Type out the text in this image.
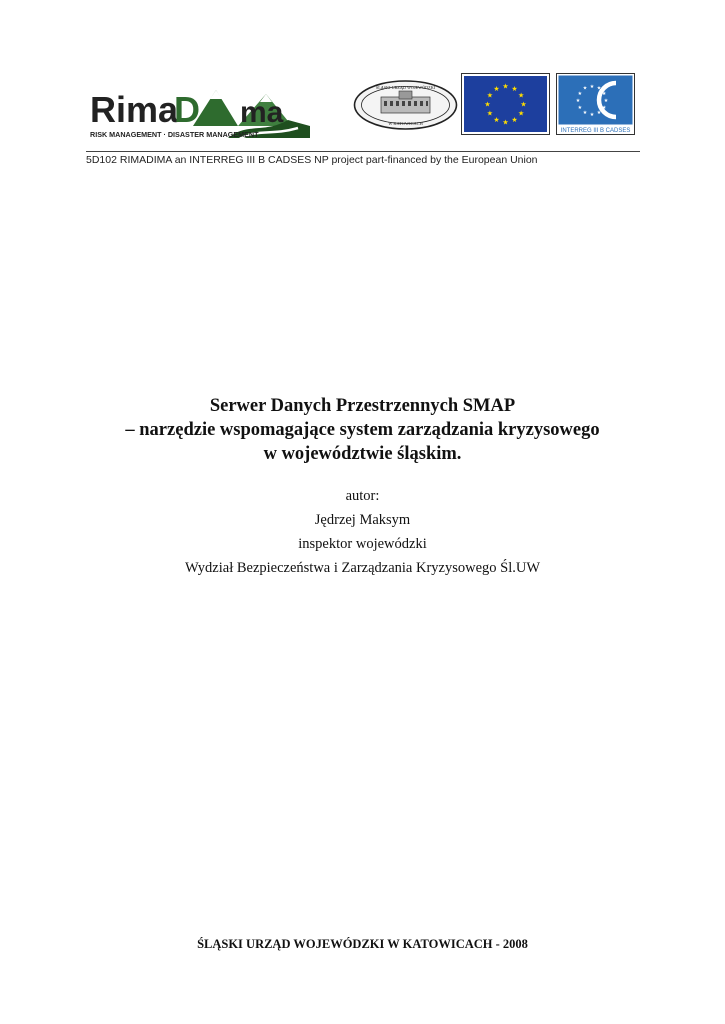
Rima
D ma
RISK MANAGEMENT · DISASTER MANAGEMENT
ŚLĄSKI URZĄD WOJEWÓDZKI
W KATOWICACH
★ ★
★
★
★
★
★
★
★
★
★
★	★ ★
★
★
★
★
★
★
★
★
★
★
INTERREG III B CADSES
5D102 RIMADIMA an INTERREG III B CADSES NP project part-financed by the European Union
Serwer Danych Przestrzennych SMAP
– narzędzie wspomagające system zarządzania kryzysowego
w województwie śląskim.
autor:
Jędrzej Maksym
inspektor wojewódzki
Wydział Bezpieczeństwa i Zarządzania Kryzysowego Śl.UW
ŚLĄSKI URZĄD WOJEWÓDZKI W KATOWICACH - 2008
